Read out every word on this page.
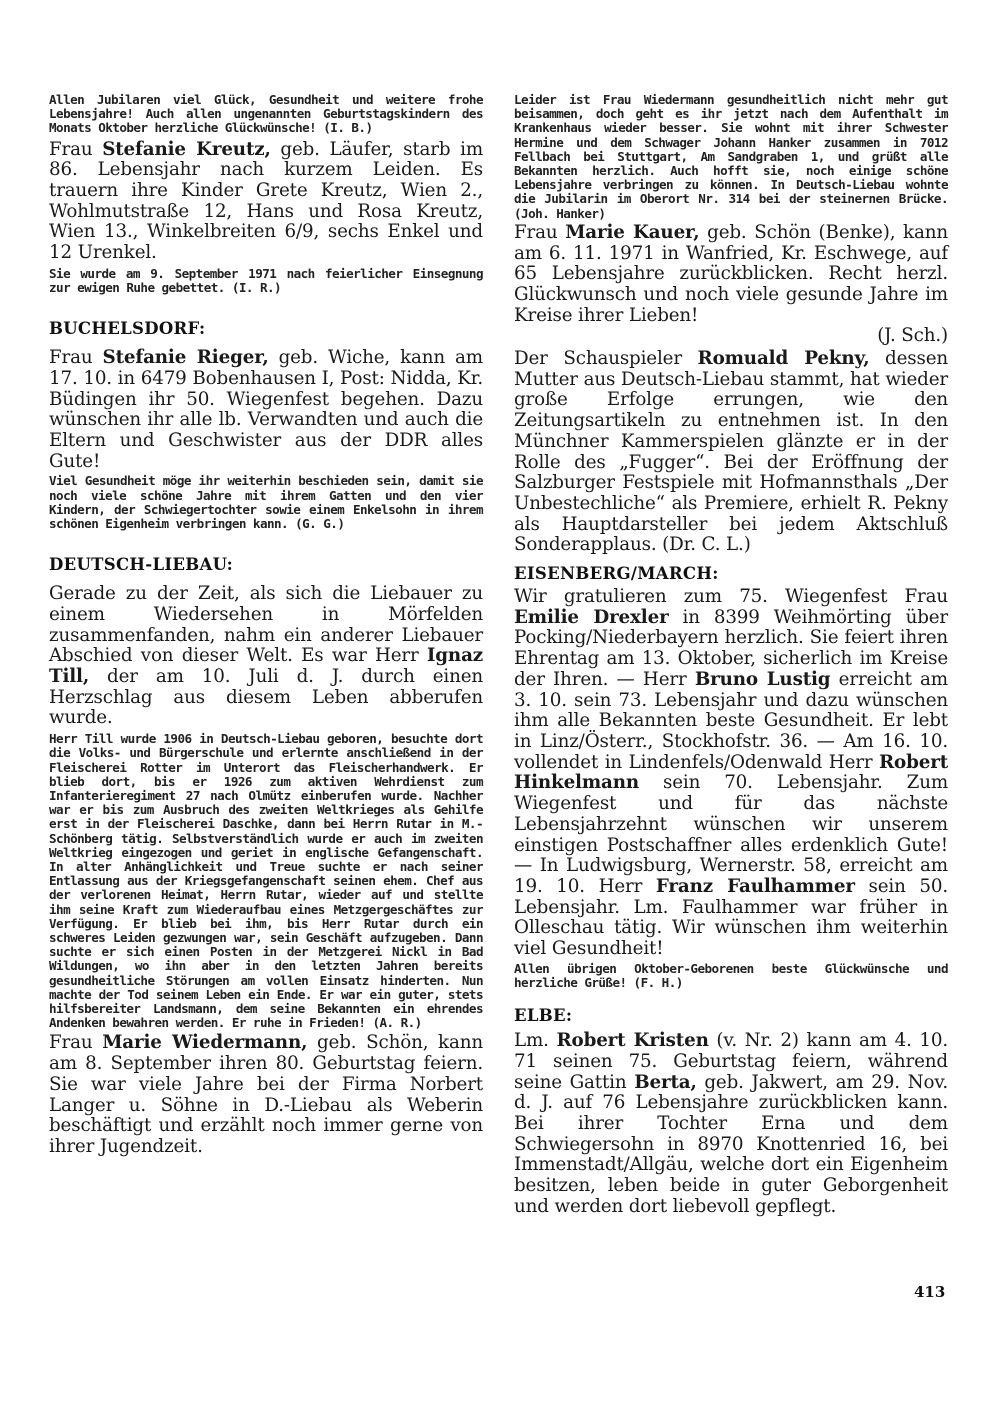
Allen Jubilaren viel Glück, Gesundheit und weitere frohe Lebensjahre! Auch allen ungenannten Geburtstagskindern des Monats Oktober herzliche Glückwünsche! (I. B.)

Frau Stefanie Kreutz, geb. Läufer, starb im 86. Lebensjahr nach kurzem Leiden. Es trauern ihre Kinder Grete Kreutz, Wien 2., Wohlmutstraße 12, Hans und Rosa Kreutz, Wien 13., Winkelbreiten 6/9, sechs Enkel und 12 Urenkel.

Sie wurde am 9. September 1971 nach feierlicher Einsegnung zur ewigen Ruhe gebettet. (I. R.)

BUCHELSDORF:

Frau Stefanie Rieger, geb. Wiche, kann am 17. 10. in 6479 Bobenhausen I, Post: Nidda, Kr. Büdingen ihr 50. Wiegenfest begehen. Dazu wünschen ihr alle lb. Verwandten und auch die Eltern und Geschwister aus der DDR alles Gute!

Viel Gesundheit möge ihr weiterhin beschieden sein, damit sie noch viele schöne Jahre mit ihrem Gatten und den vier Kindern, der Schwiegertochter sowie einem Enkelsohn in ihrem schönen Eigenheim verbringen kann. (G. G.)

DEUTSCH-LIEBAU:

Gerade zu der Zeit, als sich die Liebauer zu einem Wiedersehen in Mörfelden zusammenfanden, nahm ein anderer Liebauer Abschied von dieser Welt. Es war Herr Ignaz Till, der am 10. Juli d. J. durch einen Herzschlag aus diesem Leben abberufen wurde.

Herr Till wurde 1906 in Deutsch-Liebau geboren, besuchte dort die Volks- und Bürgerschule und erlernte anschließend in der Fleischerei Rotter im Unterort das Fleischerhandwerk. Er blieb dort, bis er 1926 zum aktiven Wehrdienst zum Infanterieregiment 27 nach Olmütz einberufen wurde. Nachher war er bis zum Ausbruch des zweiten Weltkrieges als Gehilfe erst in der Fleischerei Daschke, dann bei Herrn Rutar in M.-Schönberg tätig. Selbstverständlich wurde er auch im zweiten Weltkrieg eingezogen und geriet in englische Gefangenschaft. In alter Anhänglichkeit und Treue suchte er nach seiner Entlassung aus der Kriegsgefangenschaft seinen ehem. Chef aus der verlorenen Heimat, Herrn Rutar, wieder auf und stellte ihm seine Kraft zum Wiederaufbau eines Metzgergeschäftes zur Verfügung. Er blieb bei ihm, bis Herr Rutar durch ein schweres Leiden gezwungen war, sein Geschäft aufzugeben. Dann suchte er sich einen Posten in der Metzgerei Nickl in Bad Wildungen, wo ihn aber in den letzten Jahren bereits gesundheitliche Störungen am vollen Einsatz hinderten. Nun machte der Tod seinem Leben ein Ende. Er war ein guter, stets hilfsbereiter Landsmann, dem seine Bekannten ein ehrendes Andenken bewahren werden. Er ruhe in Frieden! (A. R.)

Frau Marie Wiedermann, geb. Schön, kann am 8. September ihren 80. Geburtstag feiern. Sie war viele Jahre bei der Firma Norbert Langer u. Söhne in D.-Liebau als Weberin beschäftigt und erzählt noch immer gerne von ihrer Jugendzeit.

Leider ist Frau Wiedermann gesundheitlich nicht mehr gut beisammen, doch geht es ihr jetzt nach dem Aufenthalt im Krankenhaus wieder besser. Sie wohnt mit ihrer Schwester Hermine und dem Schwager Johann Hanker zusammen in 7012 Fellbach bei Stuttgart, Am Sandgraben 1, und grüßt alle Bekannten herzlich. Auch hofft sie, noch einige schöne Lebensjahre verbringen zu können. In Deutsch-Liebau wohnte die Jubilarin im Oberort Nr. 314 bei der steinernen Brücke. (Joh. Hanker)

Frau Marie Kauer, geb. Schön (Benke), kann am 6. 11. 1971 in Wanfried, Kr. Eschwege, auf 65 Lebensjahre zurückblicken. Recht herzl. Glückwunsch und noch viele gesunde Jahre im Kreise ihrer Lieben!

(J. Sch.)

Der Schauspieler Romuald Pekny, dessen Mutter aus Deutsch-Liebau stammt, hat wieder große Erfolge errungen, wie den Zeitungsartikeln zu entnehmen ist. In den Münchner Kammerspielen glänzte er in der Rolle des „Fugger“. Bei der Eröffnung der Salzburger Festspiele mit Hofmannsthals „Der Unbestechliche“ als Premiere, erhielt R. Pekny als Hauptdarsteller bei jedem Aktschluß Sonderapplaus. (Dr. C. L.)

EISENBERG/MARCH:

Wir gratulieren zum 75. Wiegenfest Frau Emilie Drexler in 8399 Weihmörting über Pocking/Niederbayern herzlich. Sie feiert ihren Ehrentag am 13. Oktober, sicherlich im Kreise der Ihren. — Herr Bruno Lustig erreicht am 3. 10. sein 73. Lebensjahr und dazu wünschen ihm alle Bekannten beste Gesundheit. Er lebt in Linz/Österr., Stockhofstr. 36. — Am 16. 10. vollendet in Lindenfels/Odenwald Herr Robert Hinkelmann sein 70. Lebensjahr. Zum Wiegenfest und für das nächste Lebensjahrzehnt wünschen wir unserem einstigen Postschaffner alles erdenklich Gute! — In Ludwigsburg, Wernerstr. 58, erreicht am 19. 10. Herr Franz Faulhammer sein 50. Lebensjahr. Lm. Faulhammer war früher in Olleschau tätig. Wir wünschen ihm weiterhin viel Gesundheit!

Allen übrigen Oktober-Geborenen beste Glückwünsche und herzliche Grüße! (F. H.)

ELBE:

Lm. Robert Kristen (v. Nr. 2) kann am 4. 10. 71 seinen 75. Geburtstag feiern, während seine Gattin Berta, geb. Jakwert, am 29. Nov. d. J. auf 76 Lebensjahre zurückblicken kann. Bei ihrer Tochter Erna und dem Schwiegersohn in 8970 Knottenried 16, bei Immenstadt/Allgäu, welche dort ein Eigenheim besitzen, leben beide in guter Geborgenheit und werden dort liebevoll gepflegt.

413
